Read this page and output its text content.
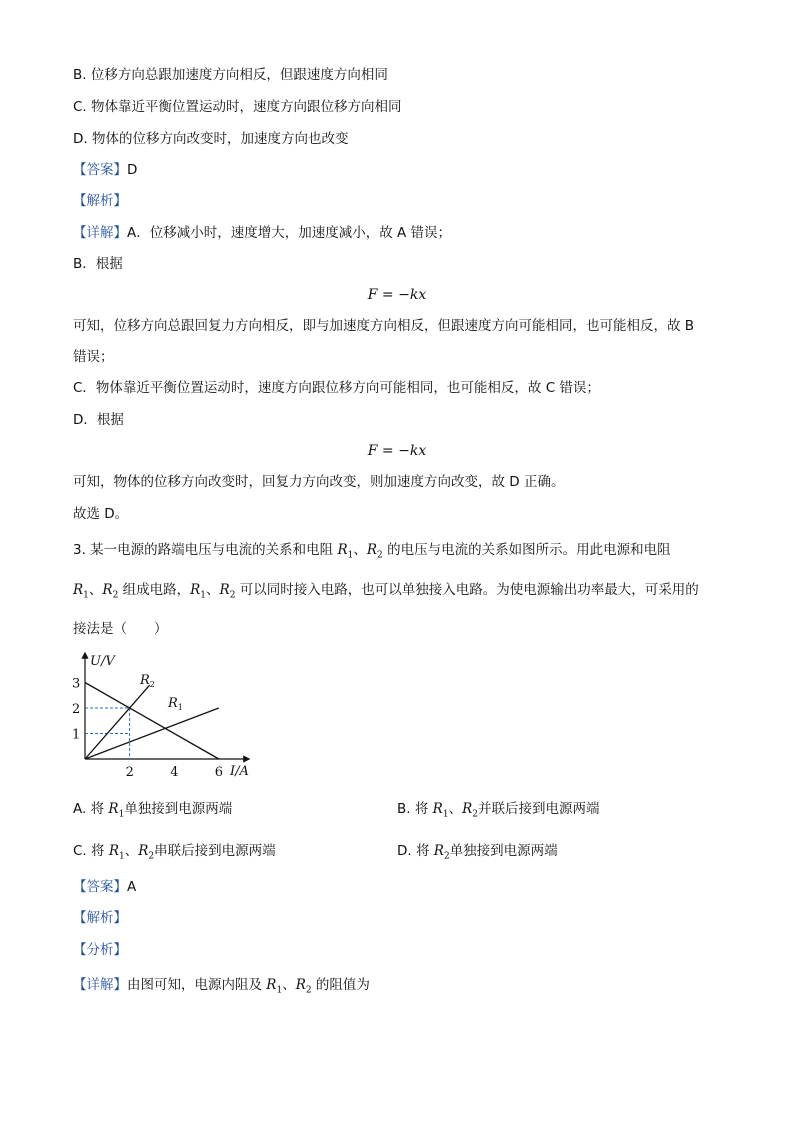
B. 位移方向总跟加速度方向相反，但跟速度方向相同
C. 物体靠近平衡位置运动时，速度方向跟位移方向相同
D. 物体的位移方向改变时，加速度方向也改变
【答案】D
【解析】
【详解】A．位移减小时，速度增大，加速度减小，故 A 错误；
B．根据
F = −kx
可知，位移方向总跟回复力方向相反，即与加速度方向相反，但跟速度方向可能相同，也可能相反，故 B
错误；
C．物体靠近平衡位置运动时，速度方向跟位移方向可能相同，也可能相反，故 C 错误；
D．根据
F = −kx
可知，物体的位移方向改变时，回复力方向改变，则加速度方向改变，故 D 正确。
故选 D。
3. 某一电源的路端电压与电流的关系和电阻 $R_1$、$R_2$ 的电压与电流的关系如图所示。用此电源和电阻
$R_1$、$R_2$ 组成电路，$R_1$、$R_2$ 可以同时接入电路，也可以单独接入电路。为使电源输出功率最大，可采用的
接法是（　　）
2	4	6
1
2
3
U/V
I/A
$R_2$
$R_1$
A. 将 $R_1$单独接到电源两端	B. 将 $R_1$、$R_2$并联后接到电源两端
C. 将 $R_1$、$R_2$串联后接到电源两端	D. 将 $R_2$单独接到电源两端
【答案】A
【解析】
【分析】
【详解】由图可知，电源内阻及 $R_1$、$R_2$ 的阻值为
